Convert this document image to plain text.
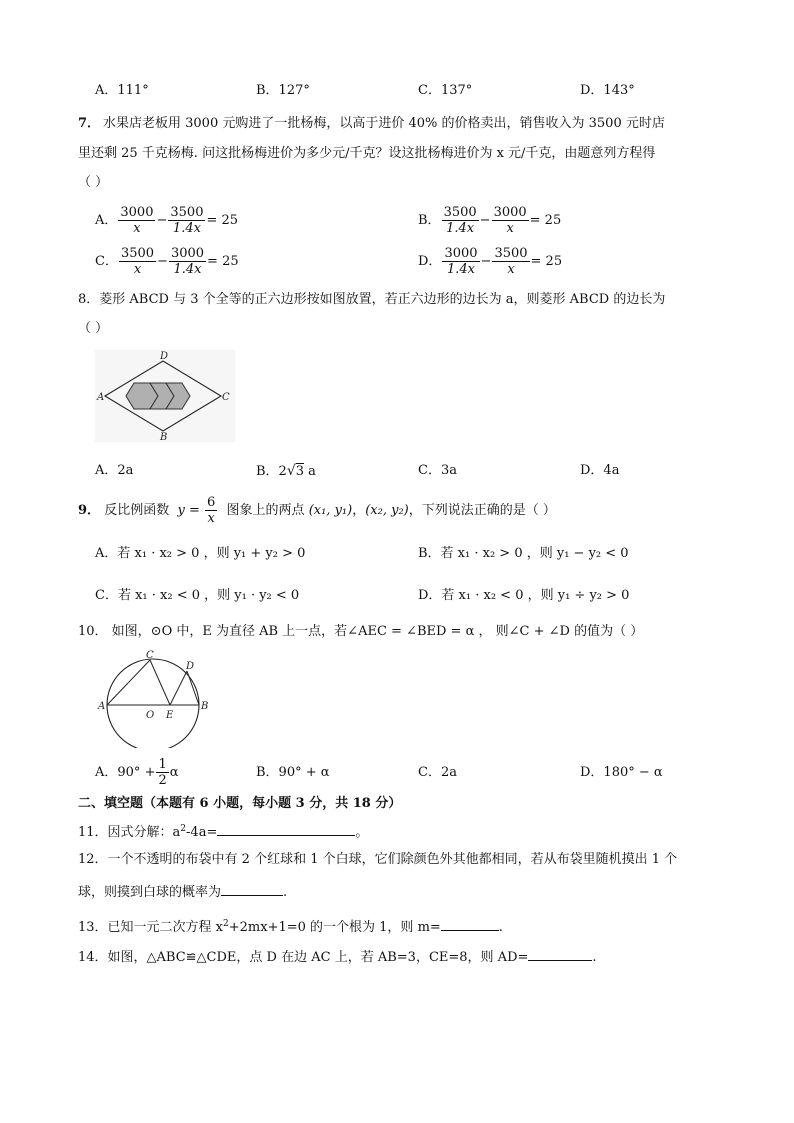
A．111°	B．127°	C．137°	D．143°
7． 水果店老板用 3000 元购进了一批杨梅，以高于进价 40% 的价格卖出，销售收入为 3500 元时店
里还剩 25 千克杨梅. 问这批杨梅进价为多少元/千克？设这批杨梅进价为 x 元/千克，由题意列方程得
（ ）
A． $\frac{3000}{x} - \frac{3500}{1.4x} = 25$	B． $\frac{3500}{1.4x} - \frac{3000}{x} = 25$
C． $\frac{3500}{x} - \frac{3000}{1.4x} = 25$	D． $\frac{3000}{1.4x} - \frac{3500}{x} = 25$
8．菱形 ABCD 与 3 个全等的正六边形按如图放置，若正六边形的边长为 a，则菱形 ABCD 的边长为
（ ）
A	C
D
B
A．2a	B．2√3 a	C．3a	D．4a
9． 反比例函数 $y = \frac{6}{x}$ 图象上的两点 (x₁, y₁)，(x₂, y₂)，下列说法正确的是（ ）
A．若 x₁ · x₂ > 0 ，则 y₁ + y₂ > 0	B．若 x₁ · x₂ > 0 ，则 y₁ − y₂ < 0
C．若 x₁ · x₂ < 0 ，则 y₁ · y₂ < 0	D．若 x₁ · x₂ < 0 ，则 y₁ ÷ y₂ > 0
10． 如图，⊙O 中，E 为直径 AB 上一点，若∠AEC = ∠BED = α ， 则∠C + ∠D 的值为（ ）
A
O E
B
C
D
A．$90^\circ + \frac{1}{2}$ α	B．90° + α	C．2a	D．180° − α
二、填空题（本题有 6 小题，每小题 3 分，共 18 分）
11．因式分解：$a^2-4a=$	。
12．一个不透明的布袋中有 2 个红球和 1 个白球，它们除颜色外其他都相同，若从布袋里随机摸出 1 个
球，则摸到白球的概率为	.
13．已知一元二次方程 $x^2+2mx+1=0$ 的一个根为 1，则 m=	.
14．如图，△ABC≌△CDE，点 D 在边 AC 上，若 AB=3，CE=8，则 AD=	.
